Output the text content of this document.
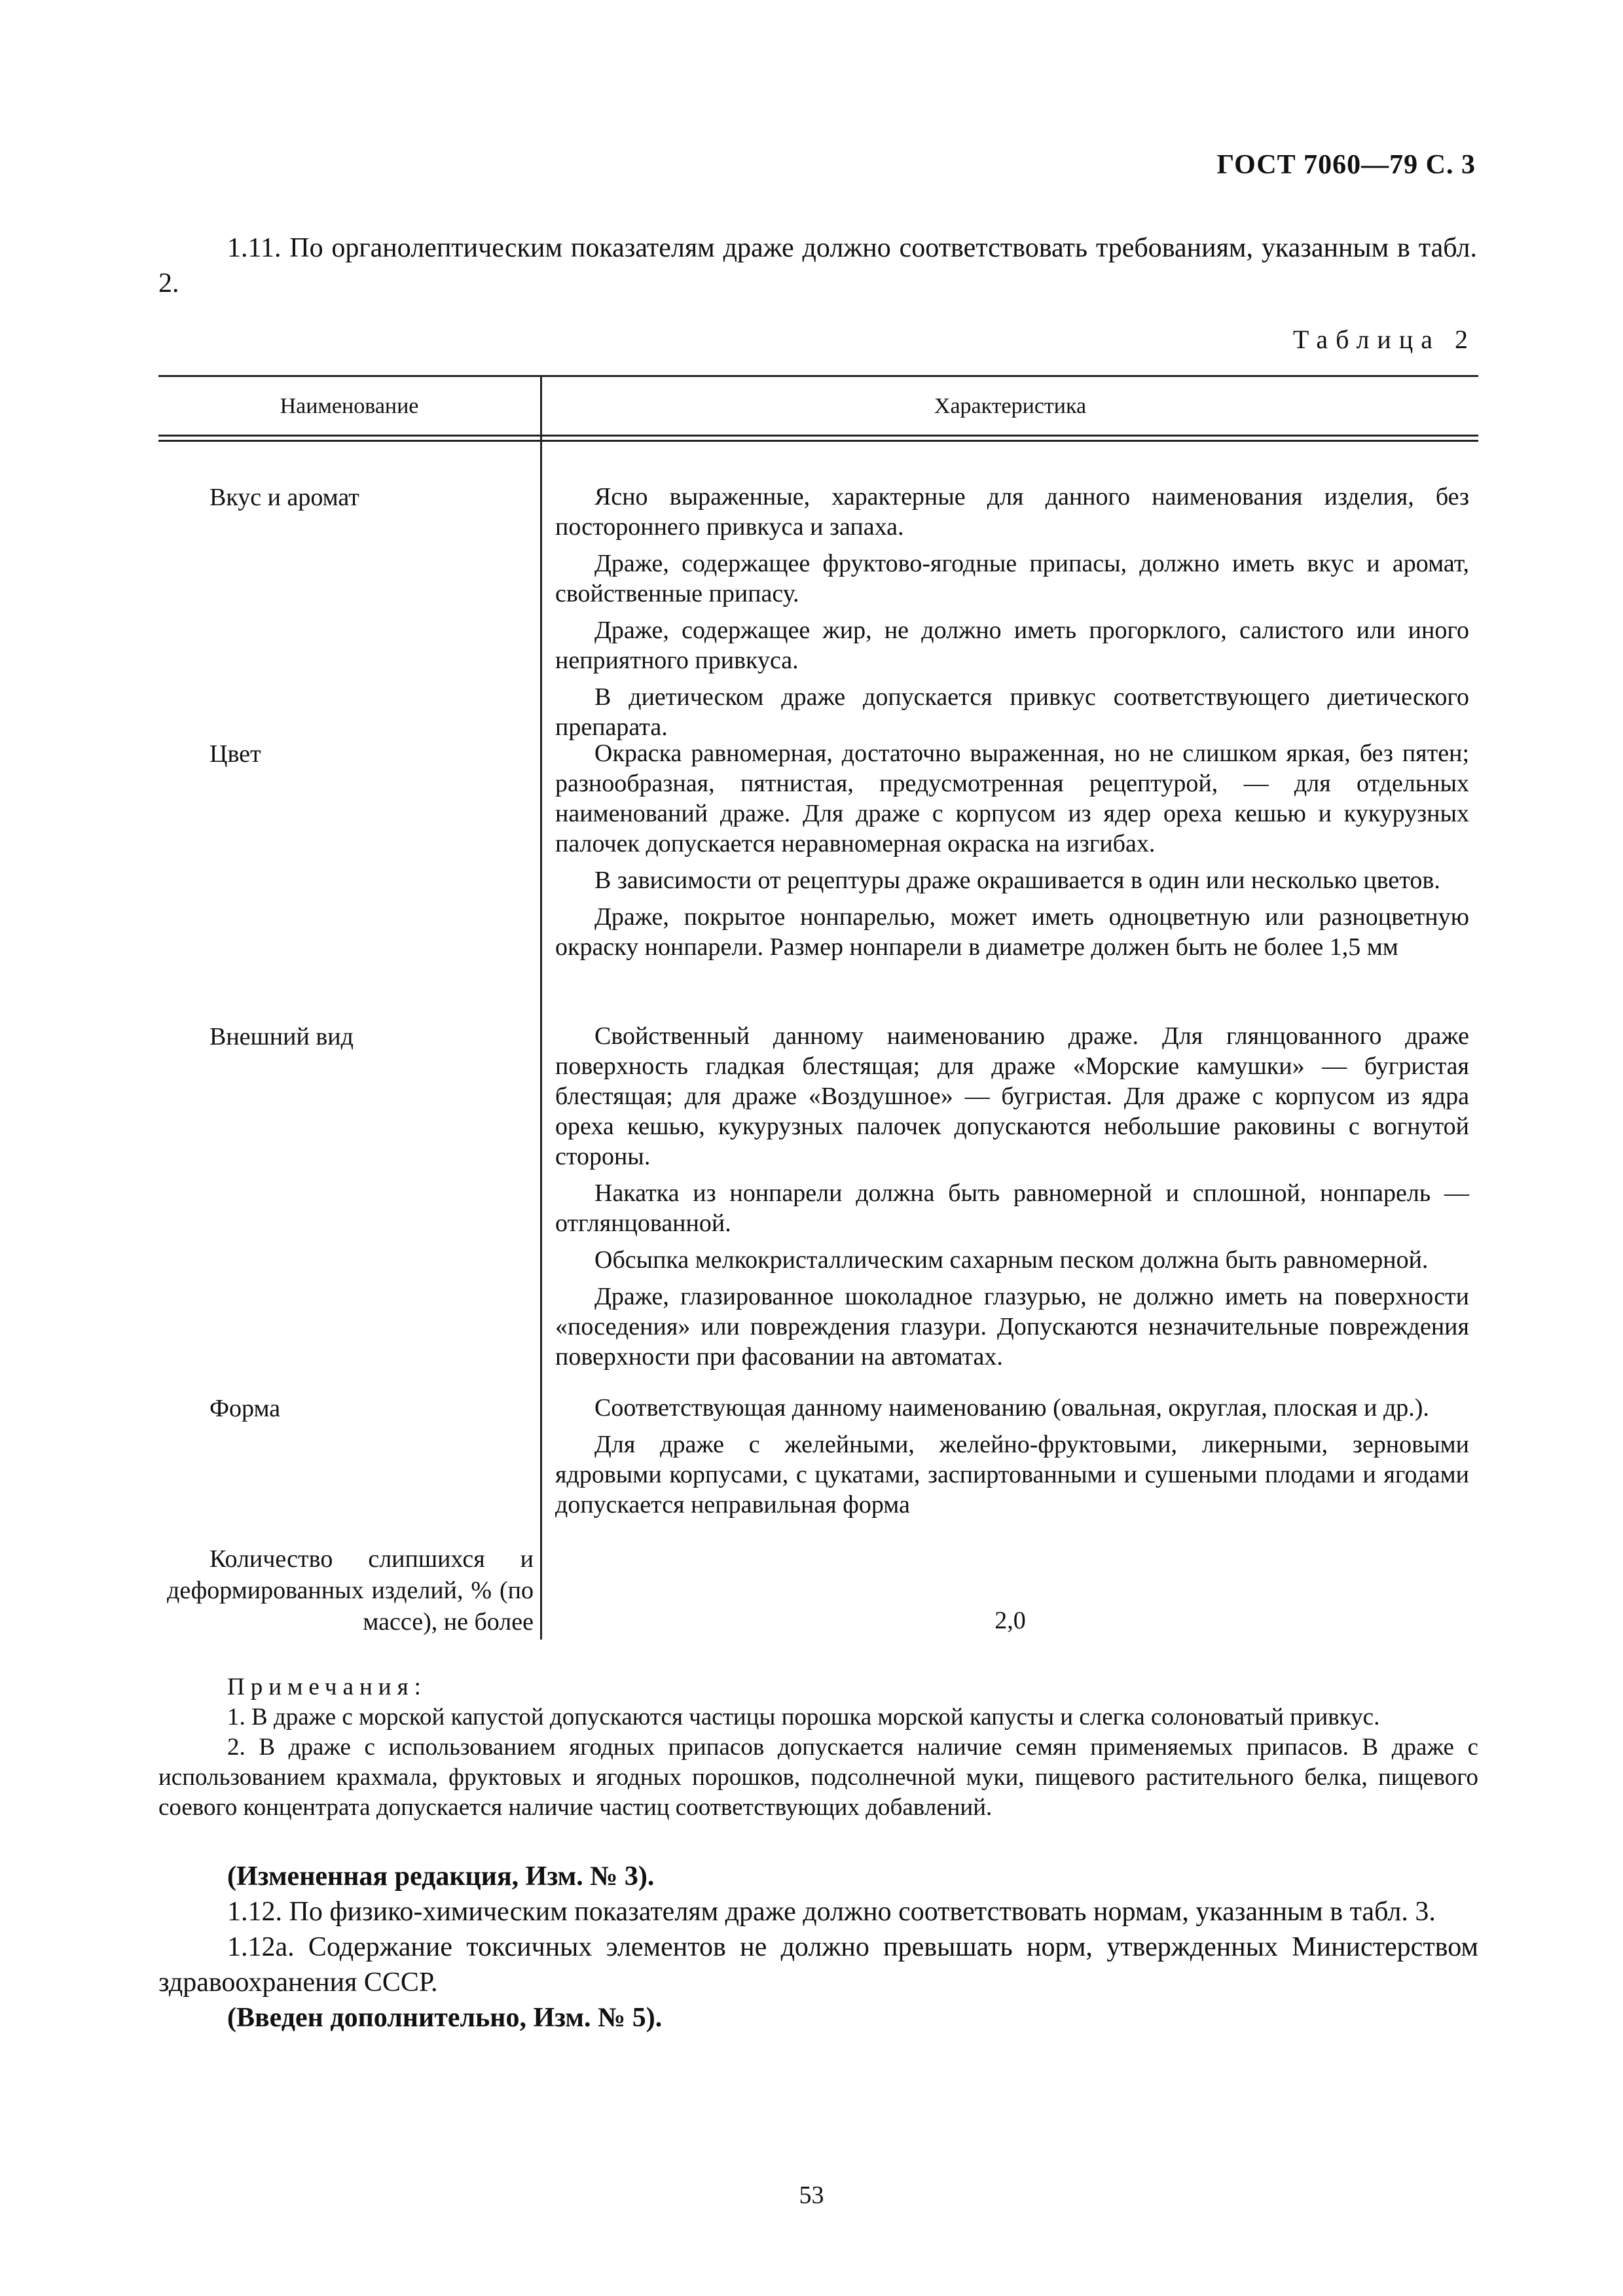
ГОСТ 7060—79 С. 3
1.11. По органолептическим показателям драже должно соответствовать требованиям, указанным в табл. 2.
Таблица 2
Наименование	Характеристика
Вкус и аромат	Ясно выраженные, характерные для данного наименования изделия, без постороннего привкуса и запаха.

Драже, содержащее фруктово-ягодные припасы, должно иметь вкус и аромат, свойственные припасу.

Драже, содержащее жир, не должно иметь прогорклого, салистого или иного неприятного привкуса.

В диетическом драже допускается привкус соответствующего диетического препарата.

Цвет	Окраска равномерная, достаточно выраженная, но не слишком яркая, без пятен; разнообразная, пятнистая, предусмотренная рецептурой, — для отдельных наименований драже. Для драже с корпусом из ядер ореха кешью и кукурузных палочек допускается неравномерная окраска на изгибах.

В зависимости от рецептуры драже окрашивается в один или несколько цветов.

Драже, покрытое нонпарелью, может иметь одноцветную или разноцветную окраску нонпарели. Размер нонпарели в диаметре должен быть не более 1,5 мм

Внешний вид	Свойственный данному наименованию драже. Для глянцованного драже поверхность гладкая блестящая; для драже «Морские камушки» — бугристая блестящая; для драже «Воздушное» — бугристая. Для драже с корпусом из ядра ореха кешью, кукурузных палочек допускаются небольшие раковины с вогнутой стороны.

Накатка из нонпарели должна быть равномерной и сплошной, нонпарель — отглянцованной.

Обсыпка мелкокристаллическим сахарным песком должна быть равномерной.

Драже, глазированное шоколадное глазурью, не должно иметь на поверхности «поседения» или повреждения глазури. Допускаются незначительные повреждения поверхности при фасовании на автоматах.

Форма	Соответствующая данному наименованию (овальная, округлая, плоская и др.).

Для драже с желейными, желейно-фруктовыми, ликерными, зерновыми ядровыми корпусами, с цукатами, заспиртованными и сушеными плодами и ягодами допускается неправильная форма

Количество слипшихся и деформированных изделий, % (по массе), не более	2,0
Примечания:

1. В драже с морской капустой допускаются частицы порошка морской капусты и слегка солоноватый привкус.

2. В драже с использованием ягодных припасов допускается наличие семян применяемых припасов. В драже с использованием крахмала, фруктовых и ягодных порошков, подсолнечной муки, пищевого растительного белка, пищевого соевого концентрата допускается наличие частиц соответствующих добавлений.

(Измененная редакция, Изм. № 3).

1.12. По физико-химическим показателям драже должно соответствовать нормам, указанным в табл. 3.

1.12а. Содержание токсичных элементов не должно превышать норм, утвержденных Министерством здравоохранения СССР.

(Введен дополнительно, Изм. № 5).

53
